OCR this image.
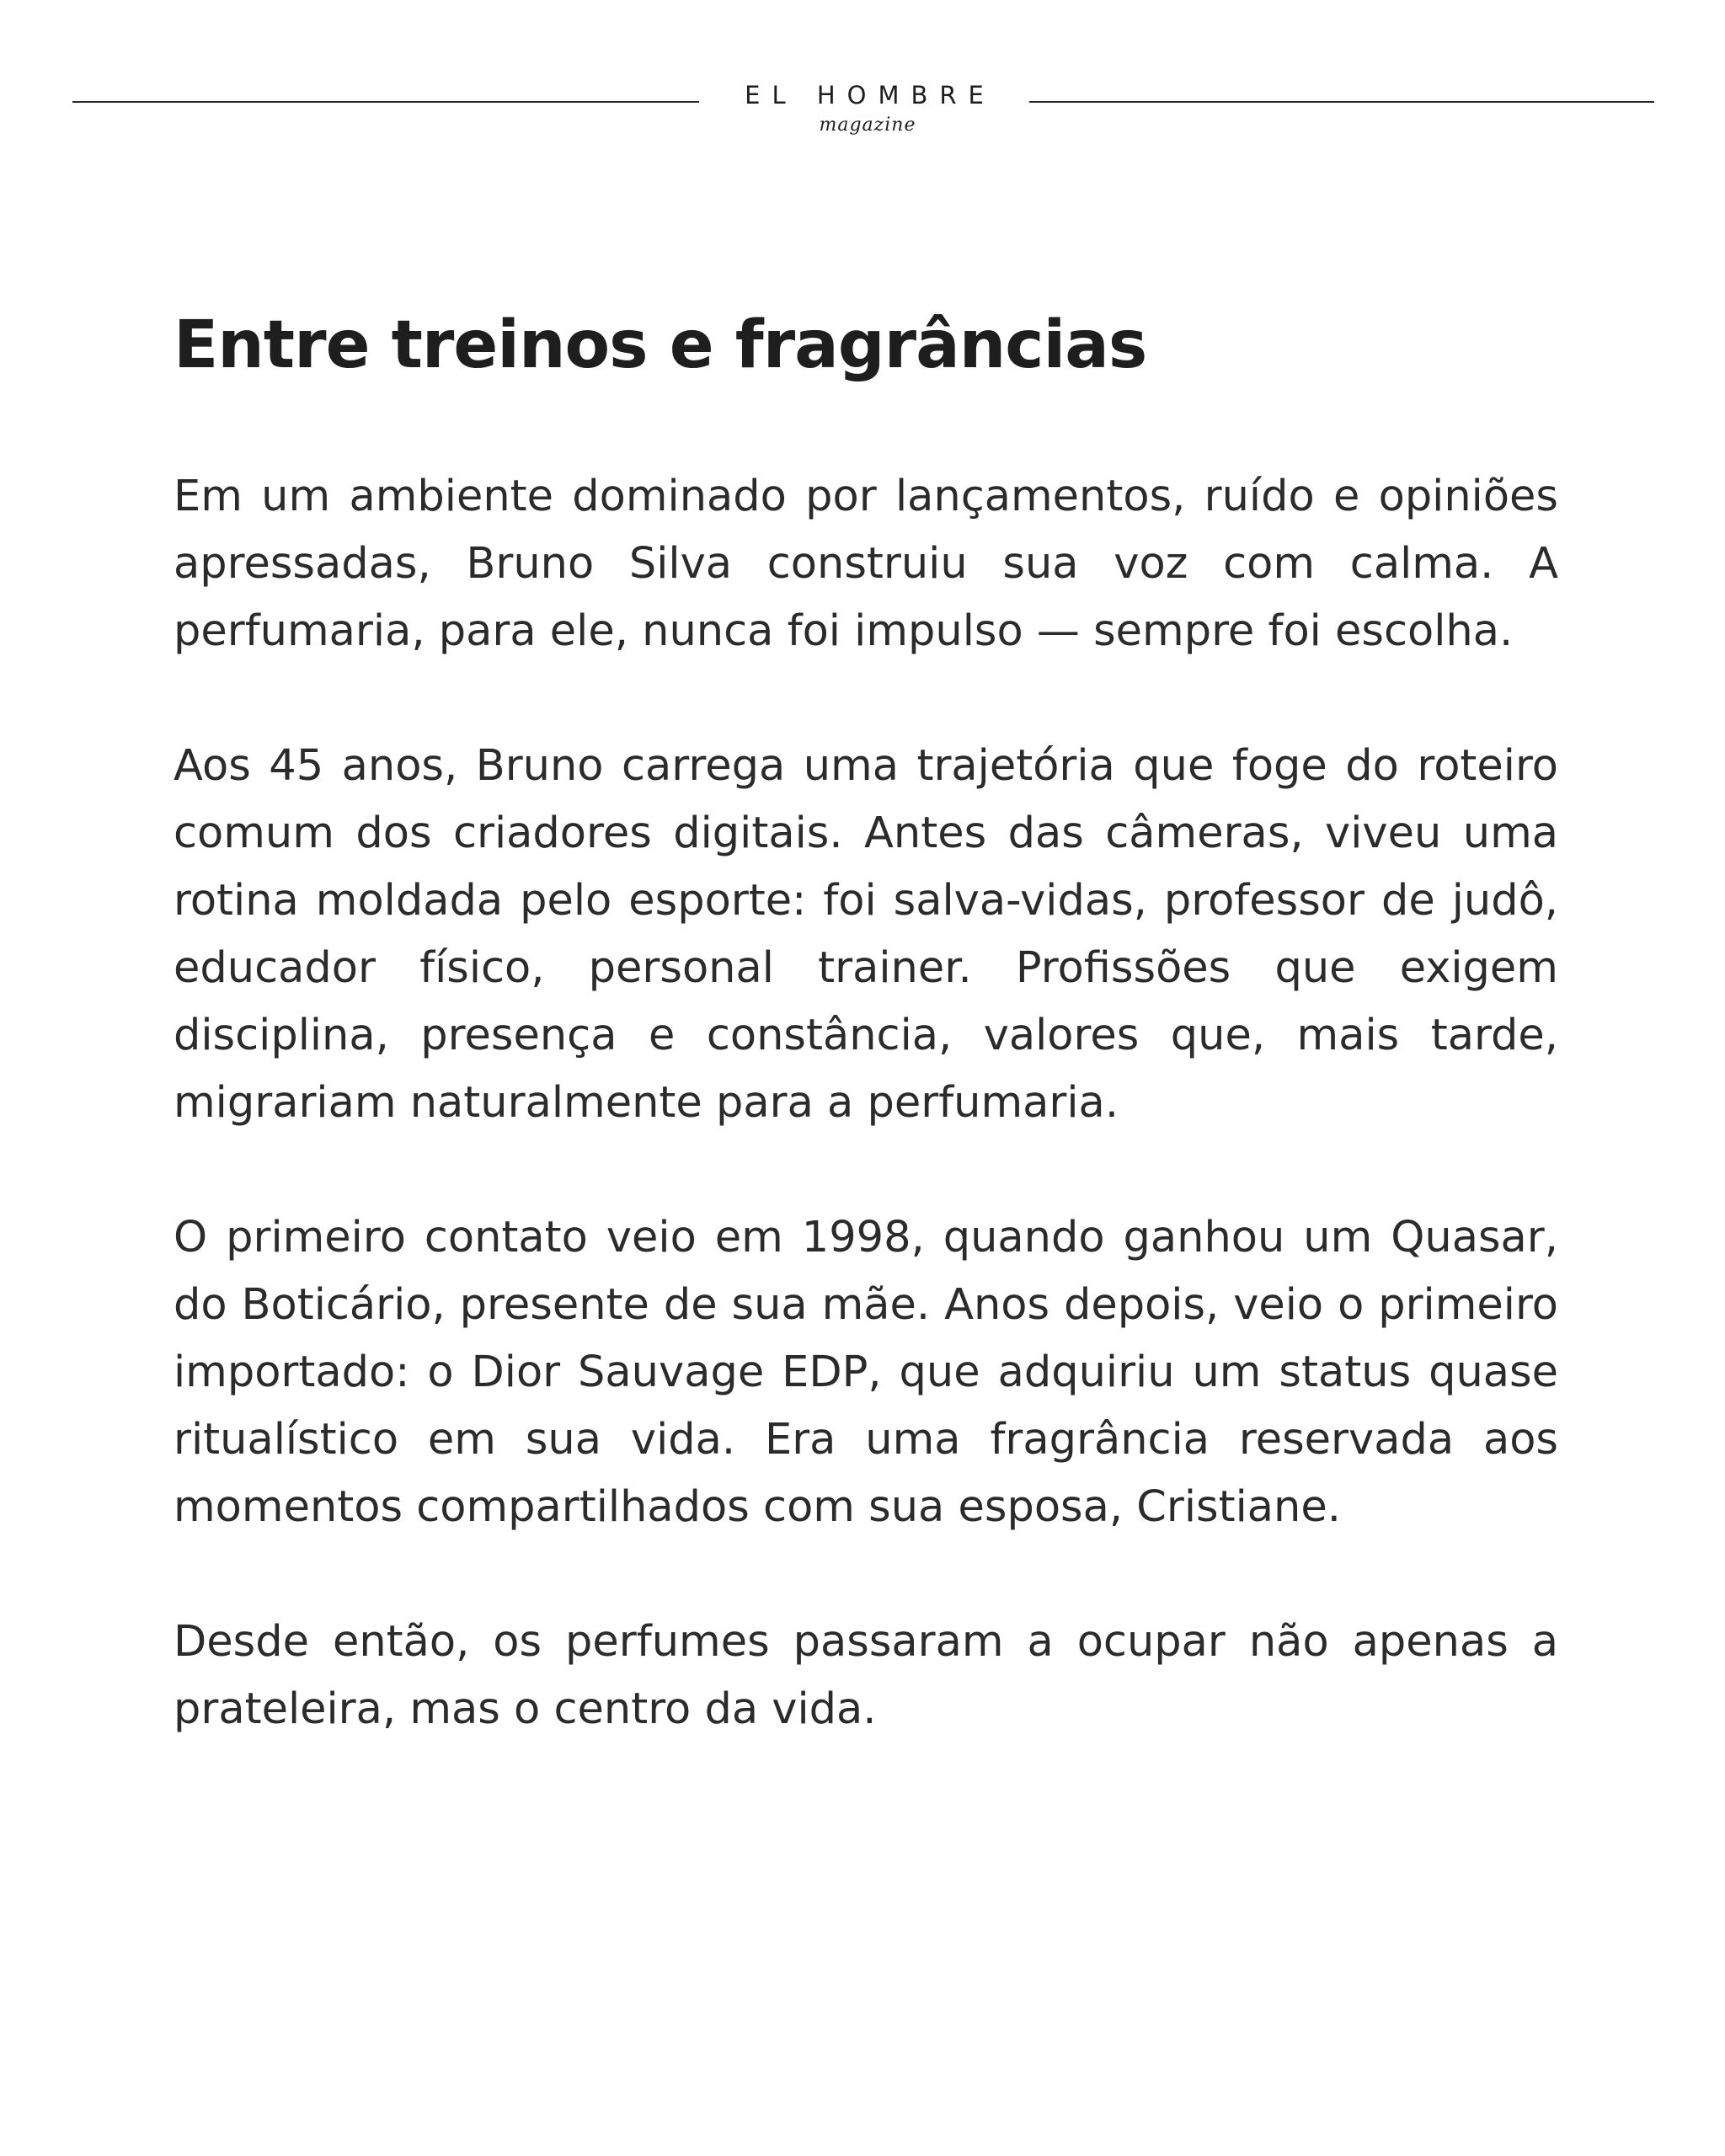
EL HOMBRE
magazine
Entre treinos e fragrâncias

Em um ambiente dominado por lançamentos, ruído e opiniões apressadas, Bruno Silva construiu sua voz com calma. A perfumaria, para ele, nunca foi impulso — sempre foi escolha.

Aos 45 anos, Bruno carrega uma trajetória que foge do roteiro comum dos criadores digitais. Antes das câmeras, viveu uma rotina moldada pelo esporte: foi salva-vidas, professor de judô, educador físico, personal trainer. Profissões que exigem disciplina, presença e constância, valores que, mais tarde, migrariam naturalmente para a perfumaria.

O primeiro contato veio em 1998, quando ganhou um Quasar, do Boticário, presente de sua mãe. Anos depois, veio o primeiro importado: o Dior Sauvage EDP, que adquiriu um status quase ritualístico em sua vida. Era uma fragrância reservada aos momentos compartilhados com sua esposa, Cristiane.

Desde então, os perfumes passaram a ocupar não apenas a prateleira, mas o centro da vida.
